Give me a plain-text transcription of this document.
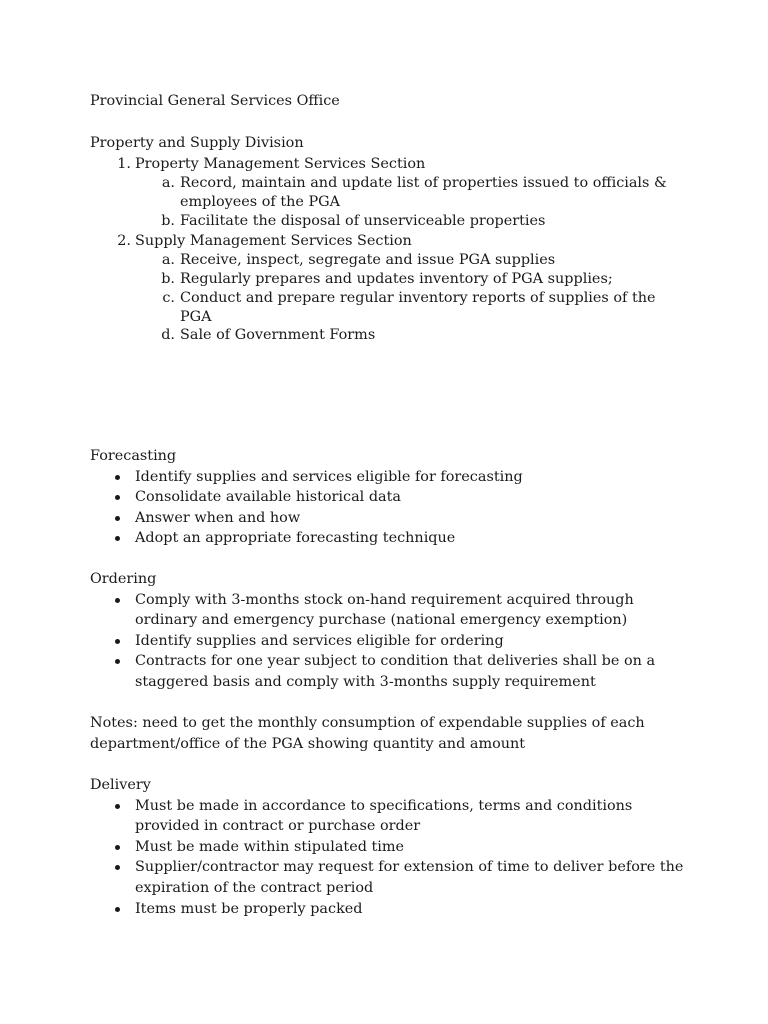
Provincial General Services Office

Property and Supply Division

1. Property Management Services Section
a. Record, maintain and update list of properties issued to officials & employees of the PGA
b. Facilitate the disposal of unserviceable properties
2. Supply Management Services Section
a. Receive, inspect, segregate and issue PGA supplies
b. Regularly prepares and updates inventory of PGA supplies;
c. Conduct and prepare regular inventory reports of supplies of the PGA
d. Sale of Government Forms

Forecasting

Identify supplies and services eligible for forecasting
Consolidate available historical data
Answer when and how
Adopt an appropriate forecasting technique

Ordering

Comply with 3-months stock on-hand requirement acquired through ordinary and emergency purchase (national emergency exemption)
Identify supplies and services eligible for ordering
Contracts for one year subject to condition that deliveries shall be on a staggered basis and comply with 3-months supply requirement

Notes: need to get the monthly consumption of expendable supplies of each department/office of the PGA showing quantity and amount

Delivery

Must be made in accordance to specifications, terms and conditions provided in contract or purchase order
Must be made within stipulated time
Supplier/contractor may request for extension of time to deliver before the expiration of the contract period
Items must be properly packed
